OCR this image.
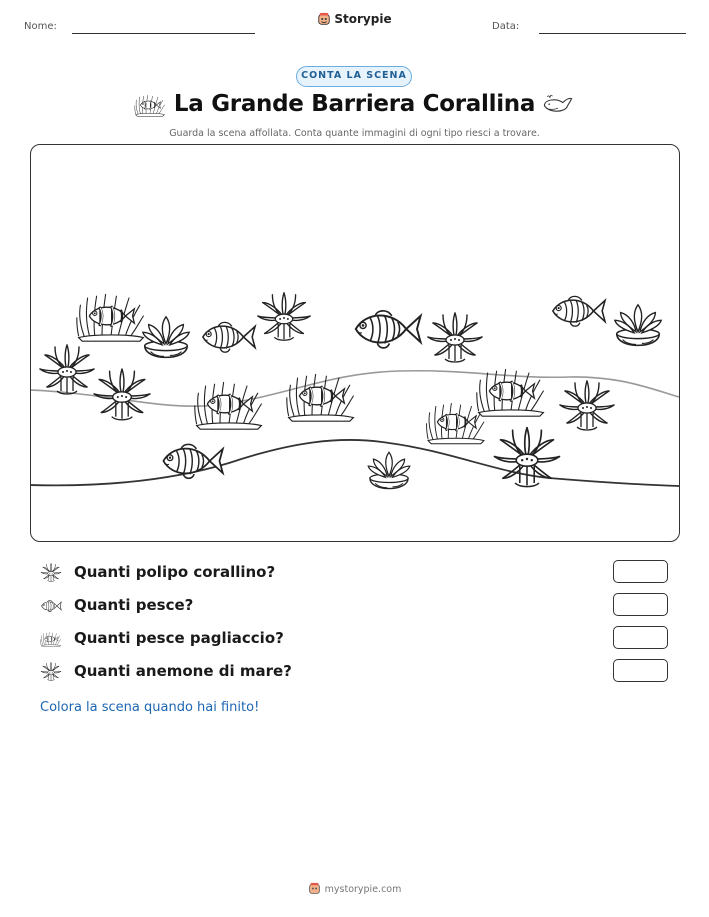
Nome:	Data:
Storypie
CONTA LA SCENA
La Grande Barriera Corallina
Guarda la scena affollata. Conta quante immagini di ogni tipo riesci a trovare.
Quanti polipo corallino?
Quanti pesce?
Quanti pesce pagliaccio?
Quanti anemone di mare?
Colora la scena quando hai finito!
mystorypie.com
